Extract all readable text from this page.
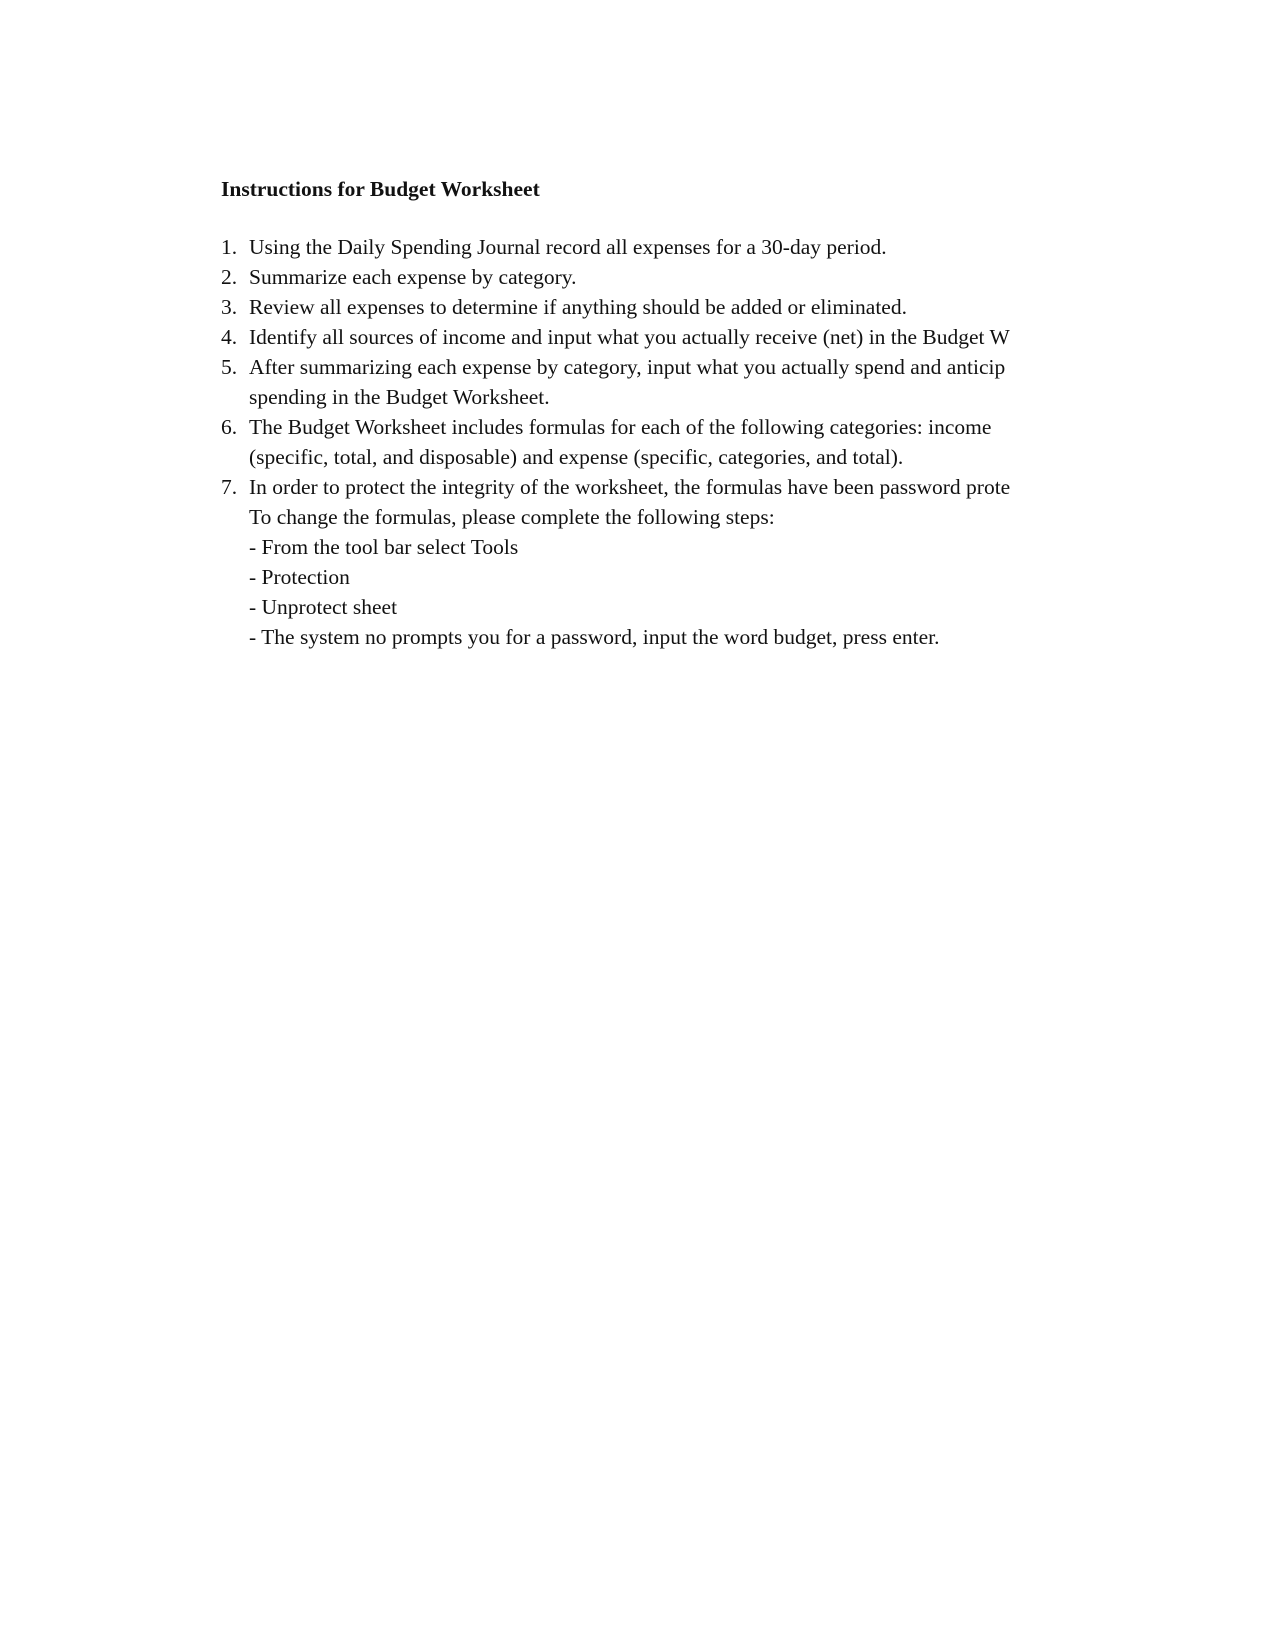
Instructions for Budget Worksheet
1. Using the Daily Spending Journal record all expenses for a 30-day period.
2. Summarize each expense by category.
3. Review all expenses to determine if anything should be added or eliminated.
4. Identify all sources of income and input what you actually receive (net) in the Budget W
5. After summarizing each expense by category, input what you actually spend and anticip
spending in the Budget Worksheet.
6. The Budget Worksheet includes formulas for each of the following categories: income
(specific, total, and disposable) and expense (specific, categories, and total).
7. In order to protect the integrity of the worksheet, the formulas have been password prote
To change the formulas, please complete the following steps:
- From the tool bar select Tools
- Protection
- Unprotect sheet
- The system no prompts you for a password, input the word budget, press enter.
